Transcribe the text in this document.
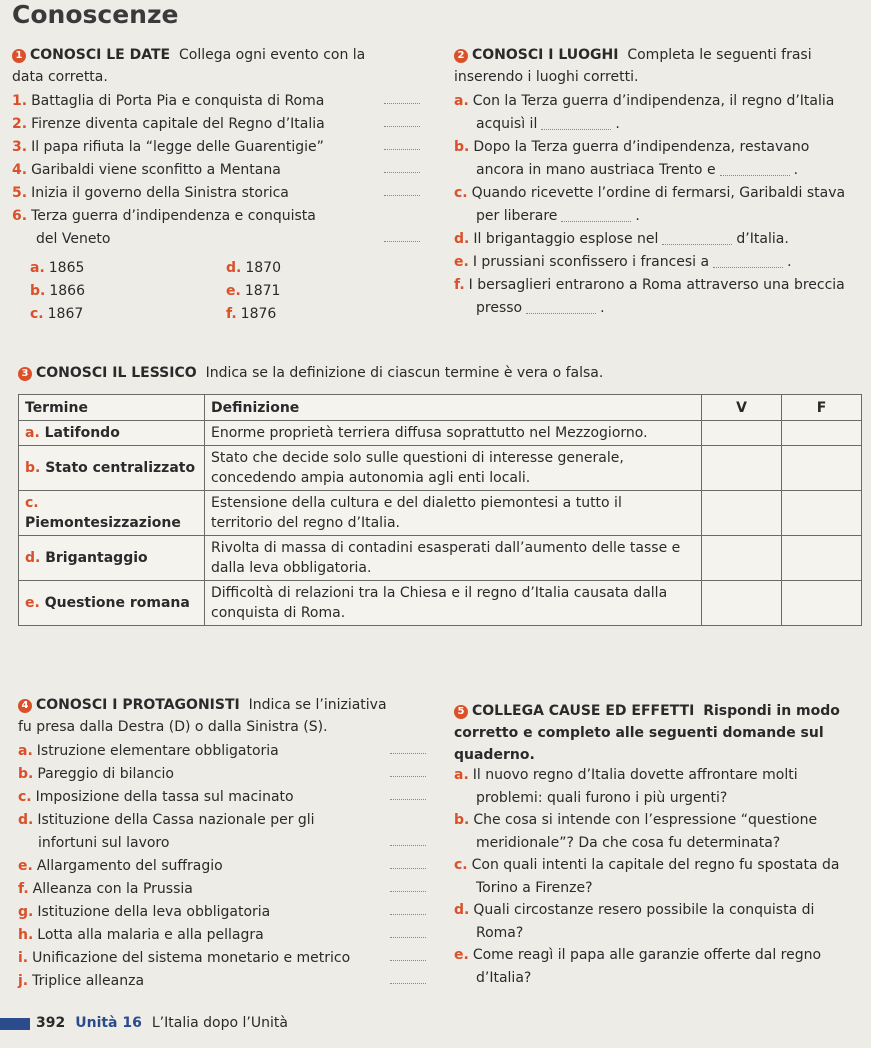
Conoscenze
1 CONOSCI LE DATE Collega ogni evento con la
data corretta.
1. Battaglia di Porta Pia e conquista di Roma
2. Firenze diventa capitale del Regno d’Italia
3. Il papa rifiuta la “legge delle Guarentigie”
4. Garibaldi viene sconfitto a Mentana
5. Inizia il governo della Sinistra storica
6. Terza guerra d’indipendenza e conquista
del Veneto
a. 1865	d. 1870
b. 1866	e. 1871
c. 1867	f. 1876
2 CONOSCI I LUOGHI Completa le seguenti frasi
inserendo i luoghi corretti.
a. Con la Terza guerra d’indipendenza, il regno d’Italia
acquisì il	.
b. Dopo la Terza guerra d’indipendenza, restavano
ancora in mano austriaca Trento e	.
c. Quando ricevette l’ordine di fermarsi, Garibaldi stava
per liberare	.
d. Il brigantaggio esplose nel	d’Italia.
e. I prussiani sconfissero i francesi a	.
f. I bersaglieri entrarono a Roma attraverso una breccia
presso	.
3 CONOSCI IL LESSICO Indica se la definizione di ciascun termine è vera o falsa.
Termine	Definizione	V	F
a. Latifondo	Enorme proprietà terriera diffusa soprattutto nel Mezzogiorno.		

b. Stato centralizzato	Stato che decide solo sulle questioni di interesse generale,
concedendo ampia autonomia agli enti locali.		

c. Piemontesizzazione	Estensione della cultura e del dialetto piemontesi a tutto il
territorio del regno d’Italia.		

d. Brigantaggio	Rivolta di massa di contadini esasperati dall’aumento delle tasse e
dalla leva obbligatoria.		

e. Questione romana	Difficoltà di relazioni tra la Chiesa e il regno d’Italia causata dalla
conquista di Roma.		

4 CONOSCI I PROTAGONISTI Indica se l’iniziativa
fu presa dalla Destra (D) o dalla Sinistra (S).
a. Istruzione elementare obbligatoria
b. Pareggio di bilancio
c. Imposizione della tassa sul macinato
d. Istituzione della Cassa nazionale per gli
infortuni sul lavoro
e. Allargamento del suffragio
f. Alleanza con la Prussia
g. Istituzione della leva obbligatoria
h. Lotta alla malaria e alla pellagra
i. Unificazione del sistema monetario e metrico
j. Triplice alleanza
5 COLLEGA CAUSE ED EFFETTI Rispondi in modo
corretto e completo alle seguenti domande sul
quaderno.
a. Il nuovo regno d’Italia dovette affrontare molti
problemi: quali furono i più urgenti?
b. Che cosa si intende con l’espressione “questione
meridionale”? Da che cosa fu determinata?
c. Con quali intenti la capitale del regno fu spostata da
Torino a Firenze?
d. Quali circostanze resero possibile la conquista di
Roma?
e. Come reagì il papa alle garanzie offerte dal regno
d’Italia?
392 Unità 16 L’Italia dopo l’Unità
